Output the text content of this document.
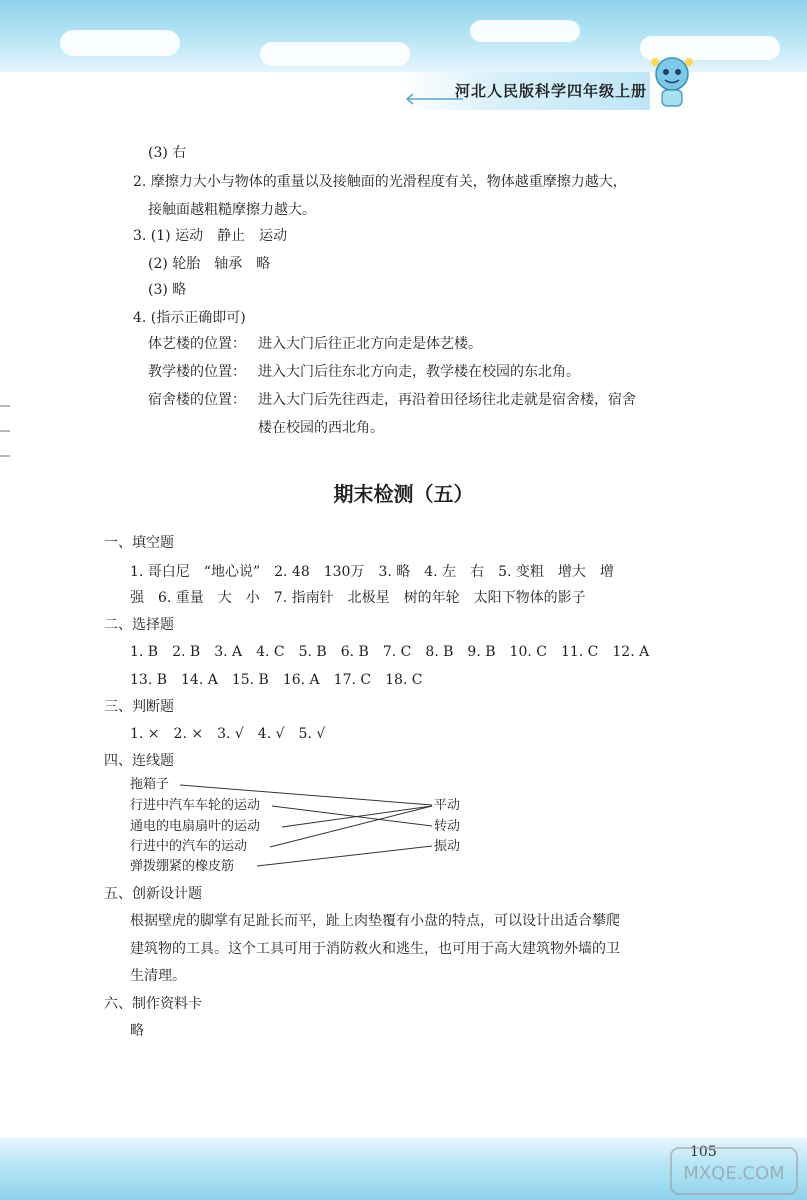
河北人民版科学四年级上册
(3) 右
2. 摩擦力大小与物体的重量以及接触面的光滑程度有关，物体越重摩擦力越大，
接触面越粗糙摩擦力越大。
3. (1) 运动　静止　运动
(2) 轮胎　轴承　略
(3) 略
4. (指示正确即可)
体艺楼的位置： 进入大门后往正北方向走是体艺楼。
教学楼的位置： 进入大门后往东北方向走，教学楼在校园的东北角。
宿舍楼的位置： 进入大门后先往西走，再沿着田径场往北走就是宿舍楼，宿舍
楼在校园的西北角。
期末检测（五）
一、填空题
1. 哥白尼　“地心说”　2. 48　130万　3. 略　4. 左　右　5. 变粗　增大　增
强　6. 重量　大　小　7. 指南针　北极星　树的年轮　太阳下物体的影子
二、选择题
1. B　2. B　3. A　4. C　5. B　6. B　7. C　8. B　9. B　10. C　11. C　12. A
13. B　14. A　15. B　16. A　17. C　18. C
三、判断题
1. ×　2. ×　3. √　4. √　5. √
四、连线题
拖箱子
行进中汽车车轮的运动
通电的电扇扇叶的运动
行进中的汽车的运动
弹拨绷紧的橡皮筋
平动
转动
振动
五、创新设计题
根据壁虎的脚掌有足趾长而平，趾上肉垫覆有小盘的特点，可以设计出适合攀爬
建筑物的工具。这个工具可用于消防救火和逃生，也可用于高大建筑物外墙的卫
生清理。
六、制作资料卡
略
105
MXQE.COM
